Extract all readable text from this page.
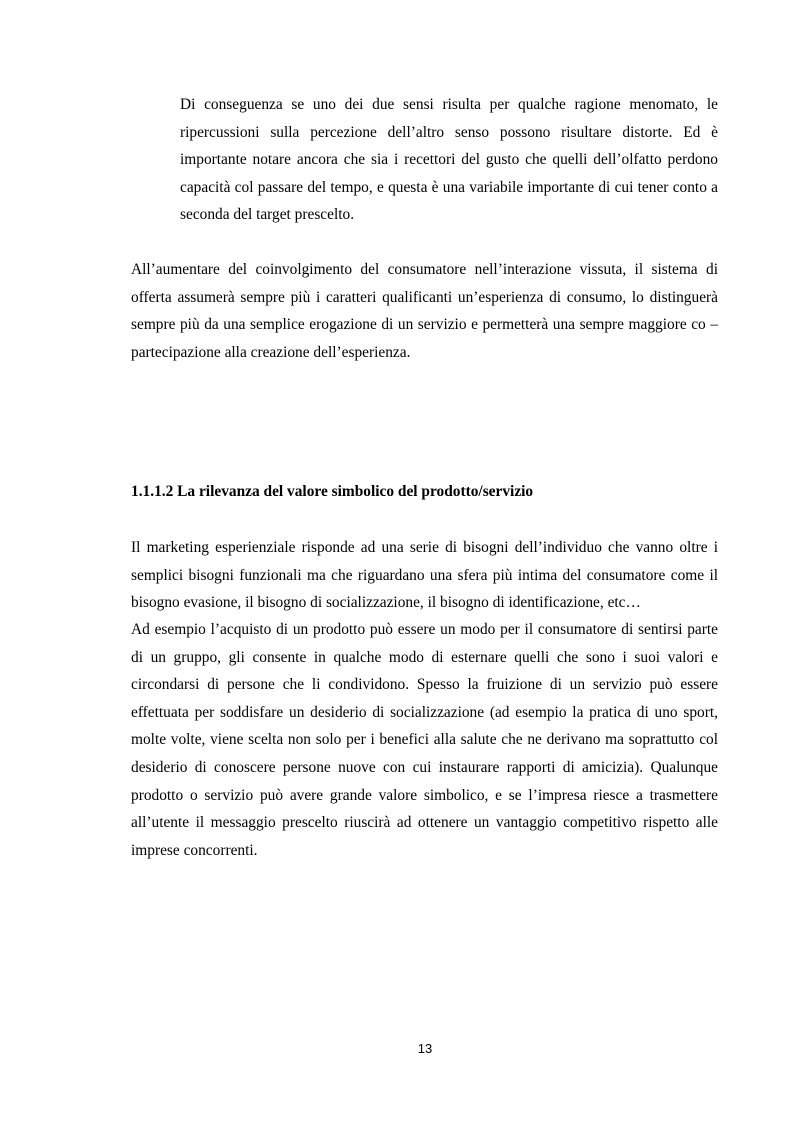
Di conseguenza se uno dei due sensi risulta per qualche ragione menomato, le ripercussioni sulla percezione dell’altro senso possono risultare distorte. Ed è importante notare ancora che sia i recettori del gusto che quelli dell’olfatto perdono capacità col passare del tempo, e questa è una variabile importante di cui tener conto a seconda del target prescelto.

All’aumentare del coinvolgimento del consumatore nell’interazione vissuta, il sistema di offerta assumerà sempre più i caratteri qualificanti un’esperienza di consumo, lo distinguerà sempre più da una semplice erogazione di un servizio e permetterà una sempre maggiore co – partecipazione alla creazione dell’esperienza.

1.1.1.2 La rilevanza del valore simbolico del prodotto/servizio

Il marketing esperienziale risponde ad una serie di bisogni dell’individuo che vanno oltre i semplici bisogni funzionali ma che riguardano una sfera più intima del consumatore come il bisogno evasione, il bisogno di socializzazione, il bisogno di identificazione, etc…

Ad esempio l’acquisto di un prodotto può essere un modo per il consumatore di sentirsi parte di un gruppo, gli consente in qualche modo di esternare quelli che sono i suoi valori e circondarsi di persone che li condividono. Spesso la fruizione di un servizio può essere effettuata per soddisfare un desiderio di socializzazione (ad esempio la pratica di uno sport, molte volte, viene scelta non solo per i benefici alla salute che ne derivano ma soprattutto col desiderio di conoscere persone nuove con cui instaurare rapporti di amicizia). Qualunque prodotto o servizio può avere grande valore simbolico, e se l’impresa riesce a trasmettere all’utente il messaggio prescelto riuscirà ad ottenere un vantaggio competitivo rispetto alle imprese concorrenti.

13
